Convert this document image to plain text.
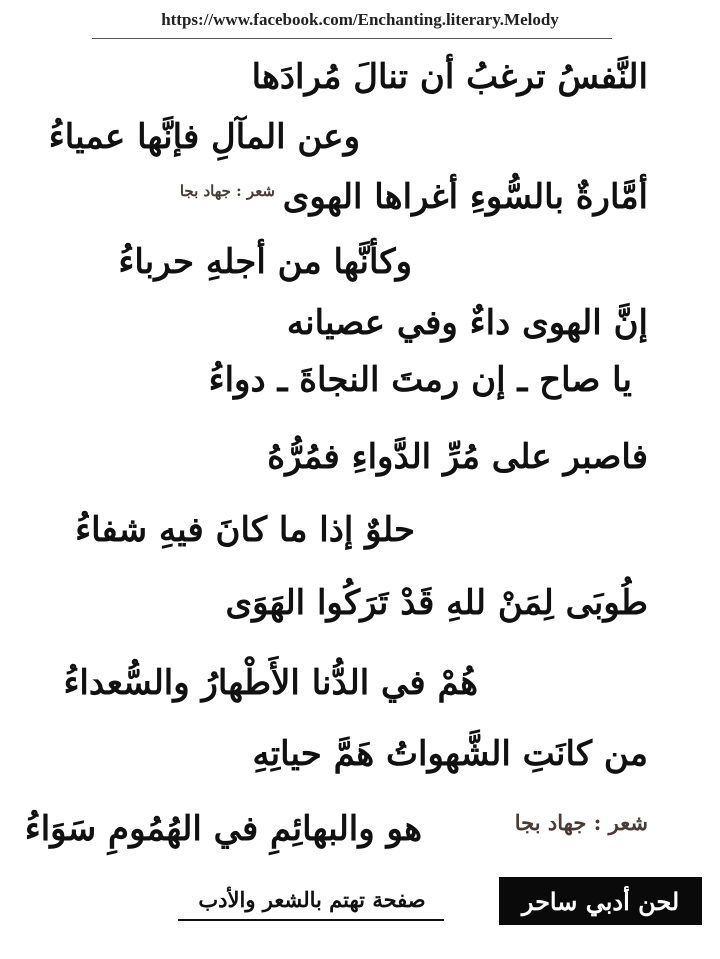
https://www.facebook.com/Enchanting.literary.Melody
النَّفسُ ترغبُ أن تنالَ مُرادَها
وعن المآلِ فإنَّها عمياءُ
أمَّارةٌ بالسُّوءِ أغراها الهوى
شعر : جهاد بجا
وكأنَّها من أجلهِ حرباءُ
إنَّ الهوى داءٌ وفي عصيانه
يا صاح ـ إن رمتَ النجاةَ ـ دواءُ
فاصبر على مُرِّ الدَّواءِ فمُرُّهُ
حلوٌ إذا ما كانَ فيهِ شفاءُ
طُوبَى لِمَنْ للهِ قَدْ تَرَكُوا الهَوَى
هُمْ في الدُّنا الأَطْهارُ والسُّعداءُ
من كانَتِ الشَّهواتُ هَمَّ حياتِهِ
شعر : جهاد بجا
هو والبهائِمِ في الهُمُومِ سَوَاءُ
صفحة تهتم بالشعر والأدب	لحن أدبي ساحر
